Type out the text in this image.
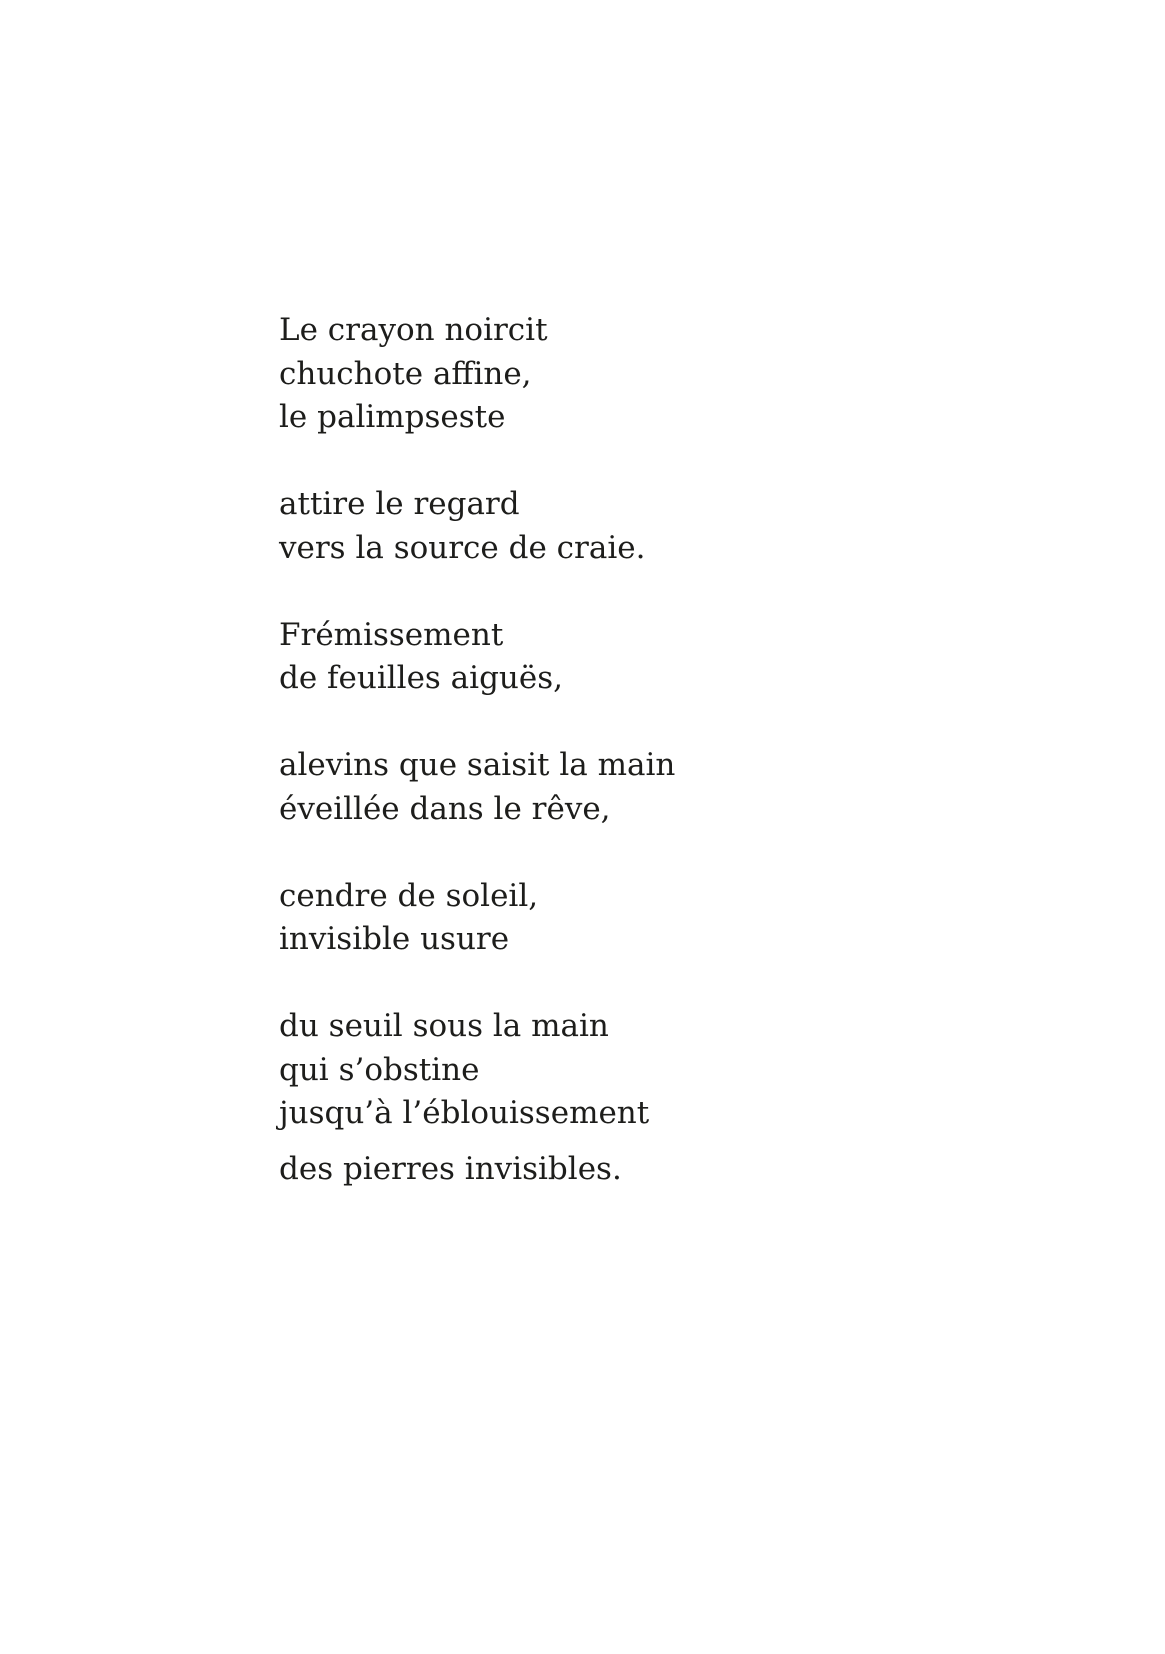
Le crayon noircit
chuchote affine,
le palimpseste
attire le regard
vers la source de craie.
Frémissement
de feuilles aiguës,
alevins que saisit la main
éveillée dans le rêve,
cendre de soleil,
invisible usure
du seuil sous la main
qui s’obstine
jusqu’à l’éblouissement
des pierres invisibles.
